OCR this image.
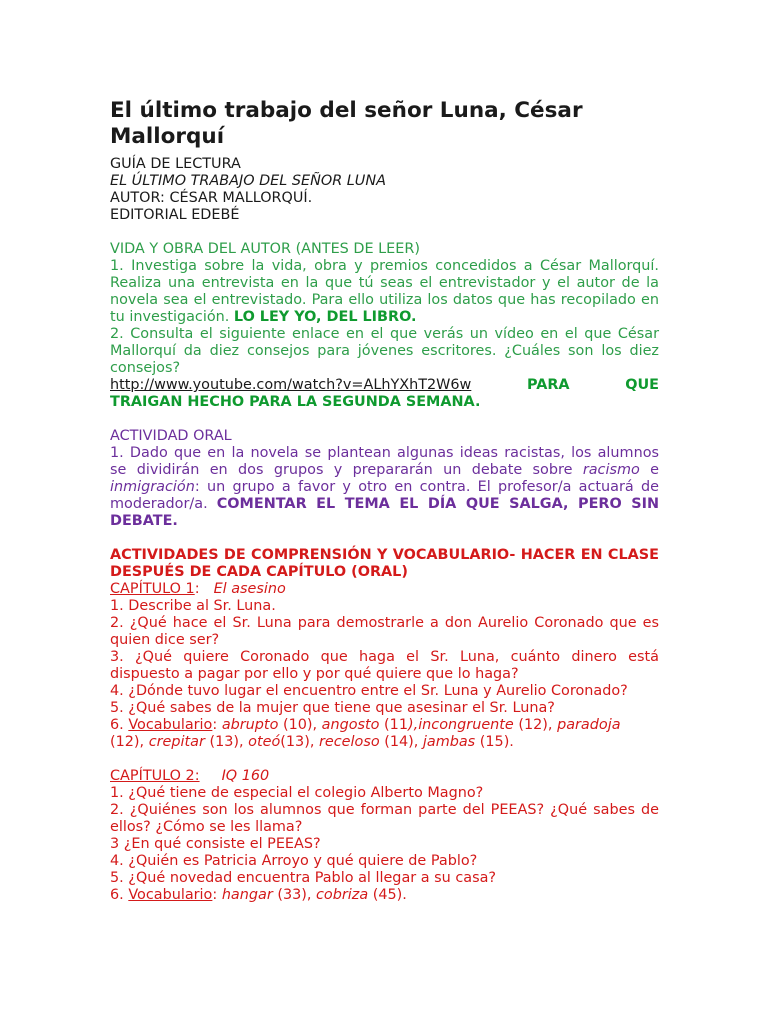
El último trabajo del señor Luna, César Mallorquí
GUÍA DE LECTURA
EL ÚLTIMO TRABAJO DEL SEÑOR LUNA
AUTOR: CÉSAR MALLORQUÍ.
EDITORIAL EDEBÉ
VIDA Y OBRA DEL AUTOR (ANTES DE LEER)

1. Investiga sobre la vida, obra y premios concedidos a César Mallorquí. Realiza una entrevista en la que tú seas el entrevistador y el autor de la novela sea el entrevistado. Para ello utiliza los datos que has recopilado en tu investigación. LO LEY YO, DEL LIBRO.

2. Consulta el siguiente enlace en el que verás un vídeo en el que César Mallorquí da diez consejos para jóvenes escritores. ¿Cuáles son los diez consejos?

http://www.youtube.com/watch?v=ALhYXhT2W6w	PARA	QUE
TRAIGAN HECHO PARA LA SEGUNDA SEMANA.
ACTIVIDAD ORAL

1. Dado que en la novela se plantean algunas ideas racistas, los alumnos se dividirán en dos grupos y prepararán un debate sobre racismo e inmigración: un grupo a favor y otro en contra. El profesor/a actuará de moderador/a. COMENTAR EL TEMA EL DÍA QUE SALGA, PERO SIN DEBATE.

ACTIVIDADES DE COMPRENSIÓN Y VOCABULARIO- HACER EN CLASE DESPUÉS DE CADA CAPÍTULO (ORAL)
CAPÍTULO 1: El asesino

1. Describe al Sr. Luna.

2. ¿Qué hace el Sr. Luna para demostrarle a don Aurelio Coronado que es quien dice ser?

3. ¿Qué quiere Coronado que haga el Sr. Luna, cuánto dinero está dispuesto a pagar por ello y por qué quiere que lo haga?

4. ¿Dónde tuvo lugar el encuentro entre el Sr. Luna y Aurelio Coronado?

5. ¿Qué sabes de la mujer que tiene que asesinar el Sr. Luna?

6. Vocabulario: abrupto (10), angosto (11),incongruente (12), paradoja (12), crepitar (13), oteó(13), receloso (14), jambas (15).

CAPÍTULO 2: IQ 160

1. ¿Qué tiene de especial el colegio Alberto Magno?

2. ¿Quiénes son los alumnos que forman parte del PEEAS? ¿Qué sabes de ellos? ¿Cómo se les llama?

3 ¿En qué consiste el PEEAS?

4. ¿Quién es Patricia Arroyo y qué quiere de Pablo?

5. ¿Qué novedad encuentra Pablo al llegar a su casa?

6. Vocabulario: hangar (33), cobriza (45).
